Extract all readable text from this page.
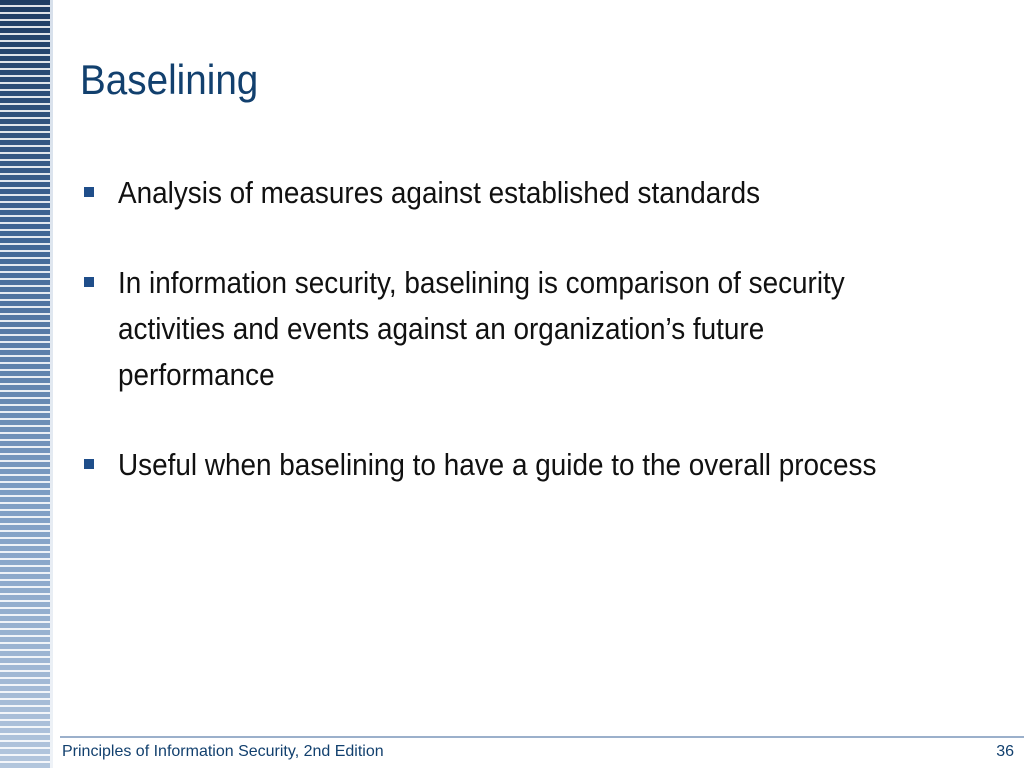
Baselining
Analysis of measures against established standards
In information security, baselining is comparison of security activities and events against an organization’s future performance
Useful when baselining to have a guide to the overall process
Principles of Information Security, 2nd Edition	36
